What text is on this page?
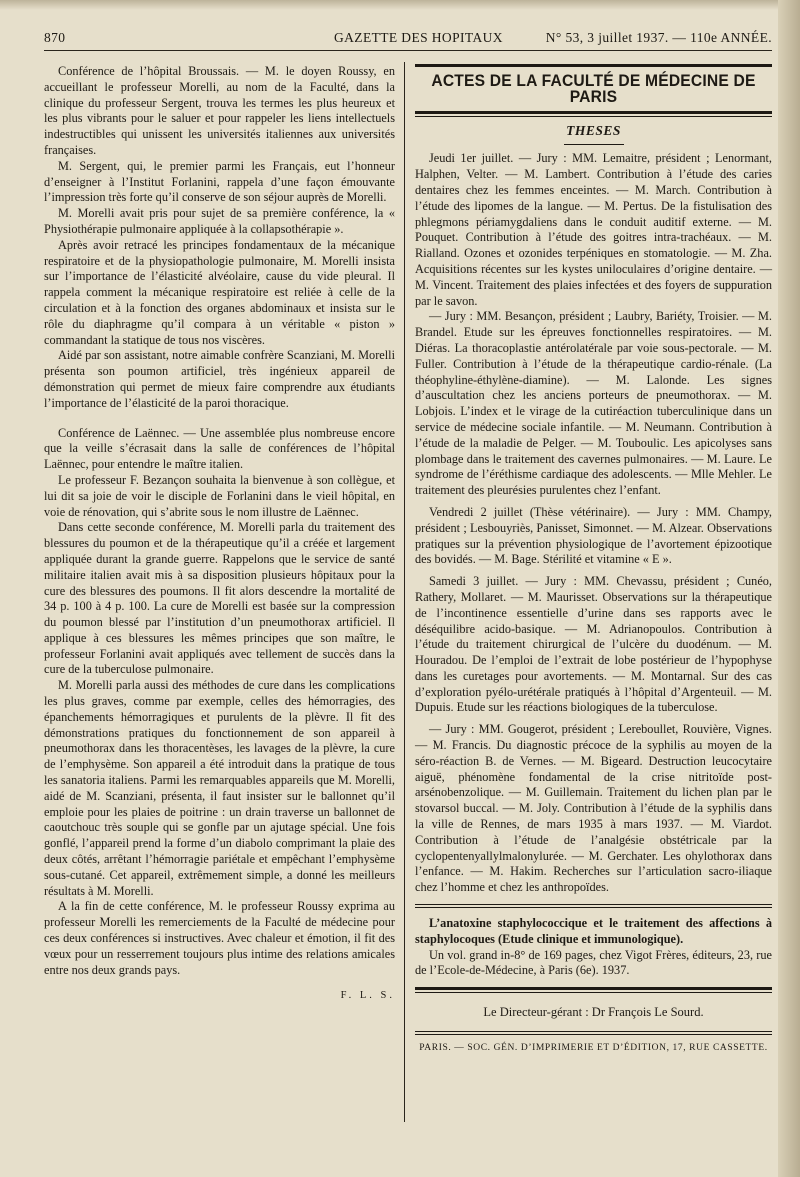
870	GAZETTE DES HOPITAUX	N° 53, 3 juillet 1937. — 110e ANNÉE.

Conférence de l’hôpital Broussais. — M. le doyen Roussy, en accueillant le professeur Morelli, au nom de la Faculté, dans la clinique du professeur Sergent, trouva les termes les plus heureux et les plus vibrants pour le saluer et pour rappeler les liens intellectuels indestructibles qui unissent les universités italiennes aux universités françaises.

M. Sergent, qui, le premier parmi les Français, eut l’honneur d’enseigner à l’Institut Forlanini, rappela d’une façon émouvante l’impression très forte qu’il conserve de son séjour auprès de Morelli.

M. Morelli avait pris pour sujet de sa première conférence, la « Physiothérapie pulmonaire appliquée à la collapsothérapie ».

Après avoir retracé les principes fondamentaux de la mécanique respiratoire et de la physiopathologie pulmonaire, M. Morelli insista sur l’importance de l’élasticité alvéolaire, cause du vide pleural. Il rappela comment la mécanique respiratoire est reliée à celle de la circulation et à la fonction des organes abdominaux et insista sur le rôle du diaphragme qu’il compara à un véritable « piston » commandant la statique de tous nos viscères.

Aidé par son assistant, notre aimable confrère Scanziani, M. Morelli présenta son poumon artificiel, très ingénieux appareil de démonstration qui permet de mieux faire comprendre aux étudiants l’importance de l’élasticité de la paroi thoracique.

Conférence de Laënnec. — Une assemblée plus nombreuse encore que la veille s’écrasait dans la salle de conférences de l’hôpital Laënnec, pour entendre le maître italien.

Le professeur F. Bezançon souhaita la bienvenue à son collègue, et lui dit sa joie de voir le disciple de Forlanini dans le vieil hôpital, en voie de rénovation, qui s’abrite sous le nom illustre de Laënnec.

Dans cette seconde conférence, M. Morelli parla du traitement des blessures du poumon et de la thérapeutique qu’il a créée et largement appliquée durant la grande guerre. Rappelons que le service de santé militaire italien avait mis à sa disposition plusieurs hôpitaux pour la cure des blessures des poumons. Il fit alors descendre la mortalité de 34 p. 100 à 4 p. 100. La cure de Morelli est basée sur la compression du poumon blessé par l’institution d’un pneumothorax artificiel. Il applique à ces blessures les mêmes principes que son maître, le professeur Forlanini avait appliqués avec tellement de succès dans la cure de la tuberculose pulmonaire.

M. Morelli parla aussi des méthodes de cure dans les complications les plus graves, comme par exemple, celles des hémorragies, des épanchements hémorragiques et purulents de la plèvre. Il fit des démonstrations pratiques du fonctionnement de son appareil à pneumothorax dans les thoracentèses, les lavages de la plèvre, la cure de l’emphysème. Son appareil a été introduit dans la pratique de tous les sanatoria italiens. Parmi les remarquables appareils que M. Morelli, aidé de M. Scanziani, présenta, il faut insister sur le ballonnet qu’il emploie pour les plaies de poitrine : un drain traverse un ballonnet de caoutchouc très souple qui se gonfle par un ajutage spécial. Une fois gonflé, l’appareil prend la forme d’un diabolo comprimant la plaie des deux côtés, arrêtant l’hémorragie pariétale et empêchant l’emphysème sous-cutané. Cet appareil, extrêmement simple, a donné les meilleurs résultats à M. Morelli.

A la fin de cette conférence, M. le professeur Roussy exprima au professeur Morelli les remerciements de la Faculté de médecine pour ces deux conférences si instructives. Avec chaleur et émotion, il fit des vœux pour un resserrement toujours plus intime des relations amicales entre nos deux grands pays.

F. L. S.
ACTES DE LA FACULTÉ DE MÉDECINE DE PARIS
THESES

Jeudi 1er juillet. — Jury : MM. Lemaitre, président ; Lenormant, Halphen, Velter. — M. Lambert. Contribution à l’étude des caries dentaires chez les femmes enceintes. — M. March. Contribution à l’étude des lipomes de la langue. — M. Pertus. De la fistulisation des phlegmons périamygdaliens dans le conduit auditif externe. — M. Pouquet. Contribution à l’étude des goitres intra-trachéaux. — M. Rialland. Ozones et ozonides terpéniques en stomatologie. — M. Zha. Acquisitions récentes sur les kystes uniloculaires d’origine dentaire. — M. Vincent. Traitement des plaies infectées et des foyers de suppuration par le savon.

— Jury : MM. Besançon, président ; Laubry, Bariéty, Troisier. — M. Brandel. Etude sur les épreuves fonctionnelles respiratoires. — M. Diéras. La thoracoplastie antérolatérale par voie sous-pectorale. — M. Fuller. Contribution à l’étude de la thérapeutique cardio-rénale. (La théophyline-éthylène-diamine). — M. Lalonde. Les signes d’auscultation chez les anciens porteurs de pneumothorax. — M. Lobjois. L’index et le virage de la cutiréaction tuberculinique dans un service de médecine sociale infantile. — M. Neumann. Contribution à l’étude de la maladie de Pelger. — M. Touboulic. Les apicolyses sans plombage dans le traitement des cavernes pulmonaires. — M. Laure. Le syndrome de l’éréthisme cardiaque des adolescents. — Mlle Mehler. Le traitement des pleurésies purulentes chez l’enfant.

Vendredi 2 juillet (Thèse vétérinaire). — Jury : MM. Champy, président ; Lesbouyriès, Panisset, Simonnet. — M. Alzear. Observations pratiques sur la prévention physiologique de l’avortement épizootique des bovidés. — M. Bage. Stérilité et vitamine « E ».

Samedi 3 juillet. — Jury : MM. Chevassu, président ; Cunéo, Rathery, Mollaret. — M. Maurisset. Observations sur la thérapeutique de l’incontinence essentielle d’urine dans ses rapports avec le déséquilibre acido-basique. — M. Adrianopoulos. Contribution à l’étude du traitement chirurgical de l’ulcère du duodénum. — M. Houradou. De l’emploi de l’extrait de lobe postérieur de l’hypophyse dans les curetages pour avortements. — M. Montarnal. Sur des cas d’exploration pyélo-urétérale pratiqués à l’hôpital d’Argenteuil. — M. Dupuis. Etude sur les réactions biologiques de la tuberculose.

— Jury : MM. Gougerot, président ; Lereboullet, Rouvière, Vignes. — M. Francis. Du diagnostic précoce de la syphilis au moyen de la séro-réaction B. de Vernes. — M. Bigeard. Destruction leucocytaire aiguë, phénomène fondamental de la crise nitritoïde post-arsénobenzolique. — M. Guillemain. Traitement du lichen plan par le stovarsol buccal. — M. Joly. Contribution à l’étude de la syphilis dans la ville de Rennes, de mars 1935 à mars 1937. — M. Viardot. Contribution à l’étude de l’analgésie obstétricale par la cyclopentenyallylmalonylurée. — M. Gerchater. Les ohylothorax dans l’enfance. — M. Hakim. Recherches sur l’articulation sacro-iliaque chez l’homme et chez les anthropoïdes.

L’anatoxine staphylococcique et le traitement des affections à staphylocoques (Etude clinique et immunologique).

Un vol. grand in-8° de 169 pages, chez Vigot Frères, éditeurs, 23, rue de l’Ecole-de-Médecine, à Paris (6e). 1937.

Le Directeur-gérant : Dr François Le Sourd.

PARIS. — SOC. GÉN. D’IMPRIMERIE ET D’ÉDITION, 17, RUE CASSETTE.
